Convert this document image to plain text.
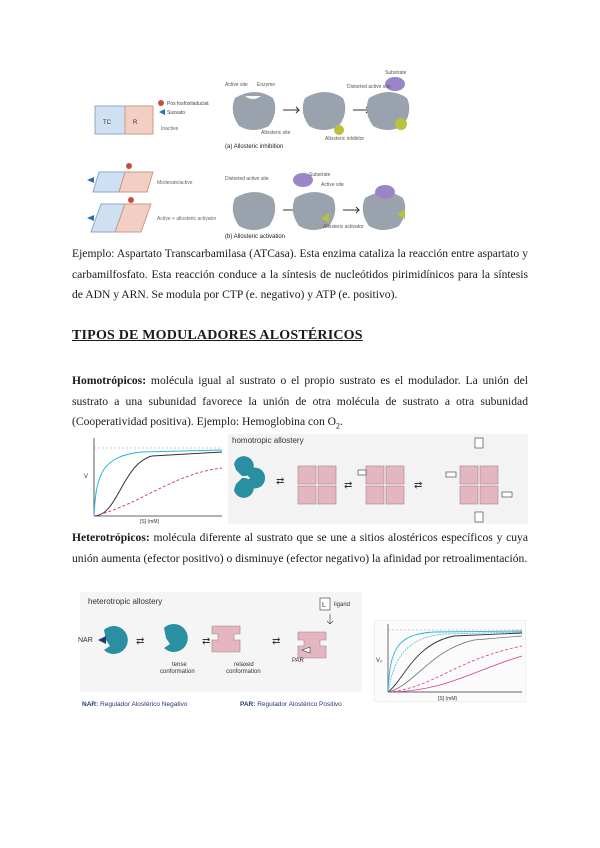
TC	R
Pos fosfoxiladuclat
Susvato
Inactive
Moderate/active
Active + allosteric activator
Active site Enzyme
Substrate
Distorted active site
Allosteric site
Allosteric inhibitor
(a) Allosteric inhibition
Distorted active site
Substrate
Active site
Allosteric activator
(b) Allosteric activation
Ejemplo: Aspartato Transcarbamilasa (ATCasa). Esta enzima cataliza la reacción entre aspartato y carbamilfosfato. Esta reacción conduce a la síntesis de nucleótidos pirimidínicos para la síntesis de ADN y ARN. Se modula por CTP (e. negativo) y ATP (e. positivo).
TIPOS DE MODULADORES ALOSTÉRICOS
Homotrópicos: molécula igual al sustrato o el propio sustrato es el modulador. La unión del sustrato a una subunidad favorece la unión de otra molécula de sustrato a otra subunidad (Cooperatividad positiva). Ejemplo: Hemoglobina con $O_2$.
V
[S] (mM)
homotropic allostery
⇄	⇄	⇄
Heterotrópicos: molécula diferente al sustrato que se une a sitios alostéricos específicos y cuya unión aumenta (efector positivo) o disminuye (efector negativo) la afinidad por retroalimentación.
heterotropic allostery
NAR	⇄
tense
conformation
⇄
relaxed
conformation
⇄
L ligand
PAR
NAR: Regulador Alostérico Negativo	PAR: Regulador Alostérico Positivo
V₀
[S] (mM)
